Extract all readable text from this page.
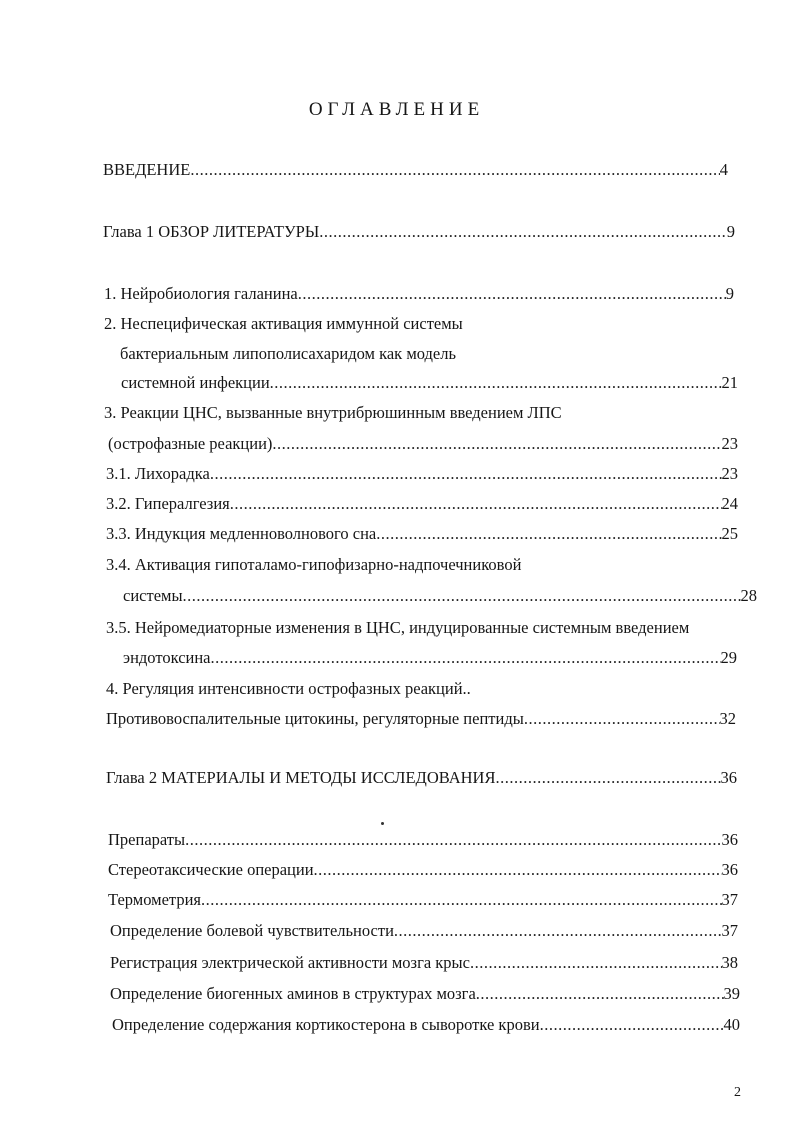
ОГЛАВЛЕНИЕ
ВВЕДЕНИЕ .....	4
Глава 1 ОБЗОР ЛИТЕРАТУРЫ .....	9
1. Нейробиология галанина .....	9
2. Неспецифическая активация иммунной системы
бактериальным липополисахаридом как модель
системной инфекции .....	21
3. Реакции ЦНС, вызванные внутрибрюшинным введением ЛПС
(острофазные реакции) .....	23
3.1. Лихорадка .....	23
3.2. Гипералгезия .....	24
3.3. Индукция медленноволнового сна .....	25
3.4. Активация гипоталамо-гипофизарно-надпочечниковой
системы .....	28
3.5. Нейромедиаторные изменения в ЦНС, индуцированные системным введением
эндотоксина .....	29
4. Регуляция интенсивности острофазных реакций..
Противовоспалительные цитокины, регуляторные пептиды .....	32
Глава 2 МАТЕРИАЛЫ И МЕТОДЫ ИССЛЕДОВАНИЯ .....	36
Препараты .....	36
Стереотаксические операции .....	36
Термометрия .....	37
Определение болевой чувствительности .....	37
Регистрация электрической активности мозга крыс .....	38
Определение биогенных аминов в структурах мозга .....	39
Определение содержания кортикостерона в сыворотке крови .....	40
2
